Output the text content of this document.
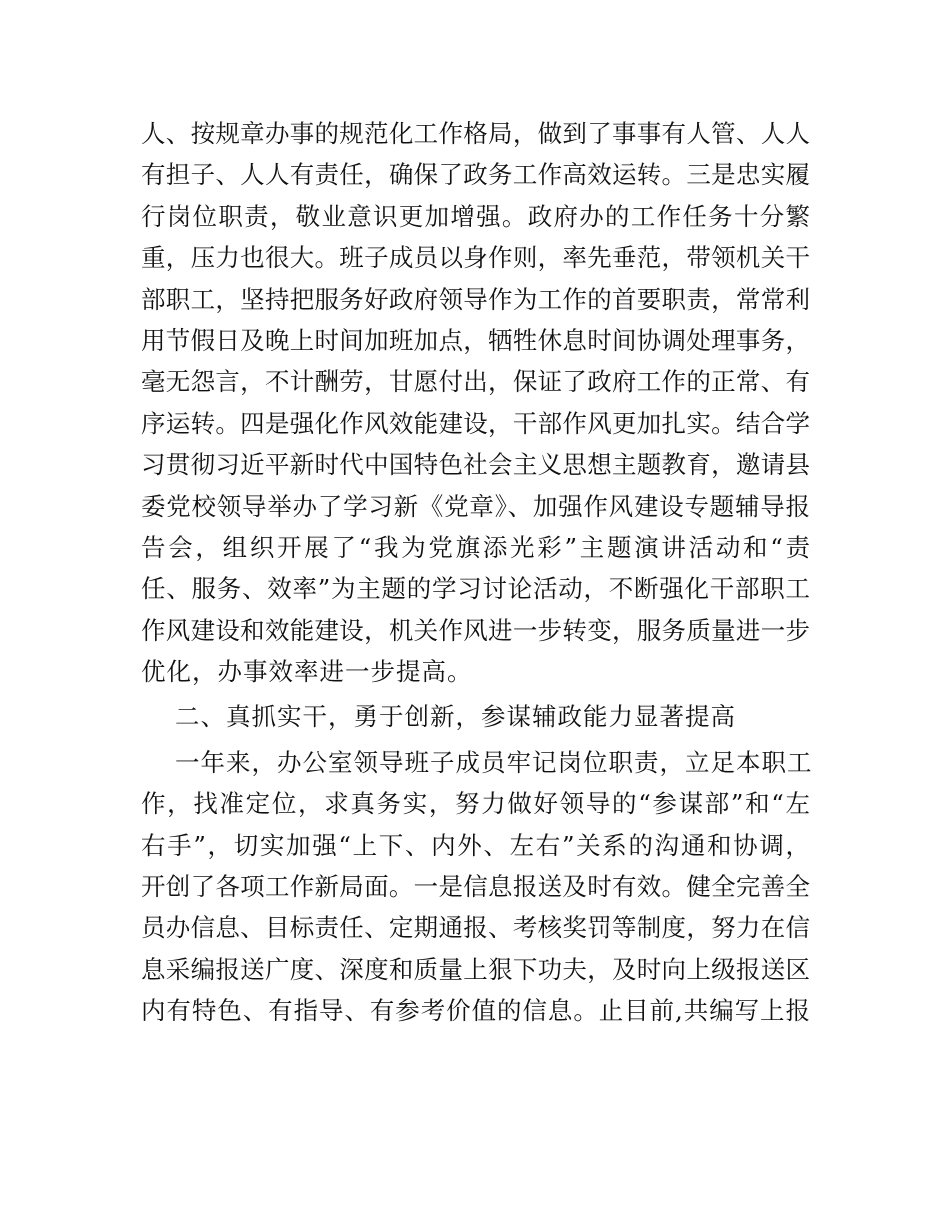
人、按规章办事的规范化工作格局，做到了事事有人管、人人
有担子、人人有责任，确保了政务工作高效运转。三是忠实履
行岗位职责，敬业意识更加增强。政府办的工作任务十分繁
重，压力也很大。班子成员以身作则，率先垂范，带领机关干
部职工，坚持把服务好政府领导作为工作的首要职责，常常利
用节假日及晚上时间加班加点，牺牲休息时间协调处理事务，
毫无怨言，不计酬劳，甘愿付出，保证了政府工作的正常、有
序运转。四是强化作风效能建设，干部作风更加扎实。结合学
习贯彻习近平新时代中国特色社会主义思想主题教育，邀请县
委党校领导举办了学习新《党章》、加强作风建设专题辅导报
告会，组织开展了“我为党旗添光彩”主题演讲活动和“责
任、服务、效率”为主题的学习讨论活动，不断强化干部职工
作风建设和效能建设，机关作风进一步转变，服务质量进一步
优化，办事效率进一步提高。
二、真抓实干，勇于创新，参谋辅政能力显著提高
一年来，办公室领导班子成员牢记岗位职责，立足本职工
作，找准定位，求真务实，努力做好领导的“参谋部”和“左
右手”，切实加强“上下、内外、左右”关系的沟通和协调，
开创了各项工作新局面。一是信息报送及时有效。健全完善全
员办信息、目标责任、定期通报、考核奖罚等制度，努力在信
息采编报送广度、深度和质量上狠下功夫，及时向上级报送区
内有特色、有指导、有参考价值的信息。止目前,共编写上报
